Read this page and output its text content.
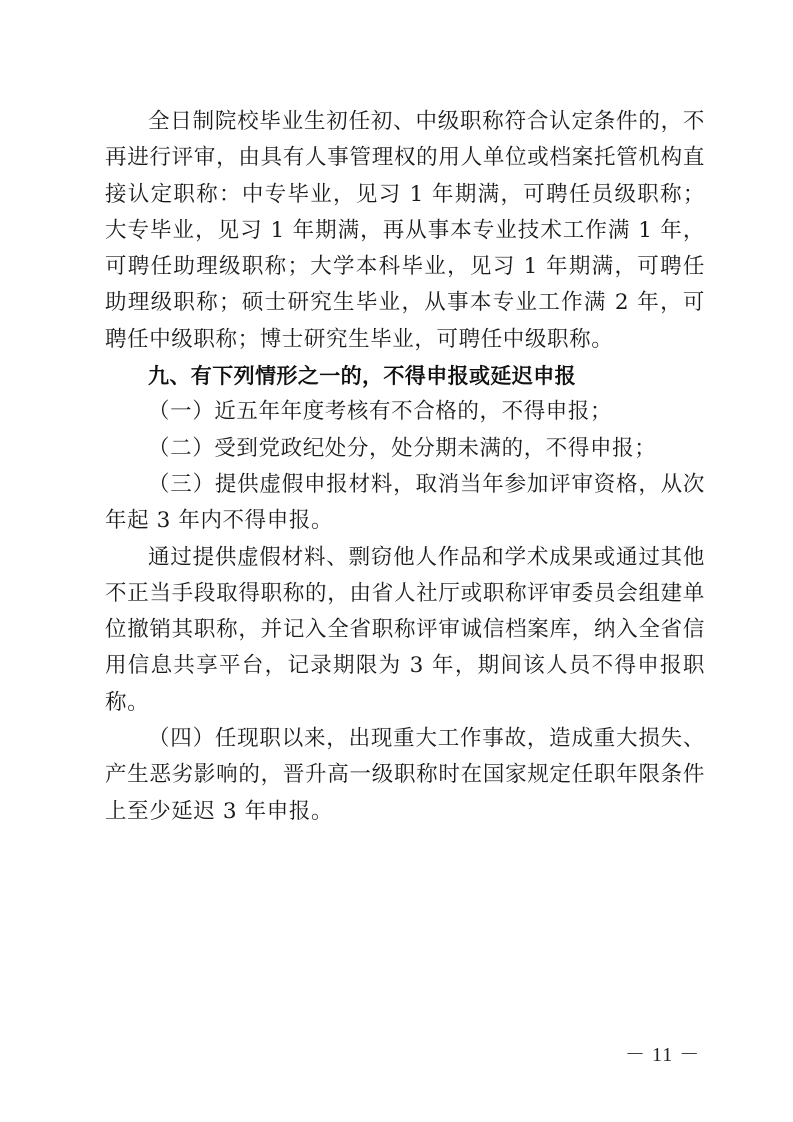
全日制院校毕业生初任初、中级职称符合认定条件的，不再进行评审，由具有人事管理权的用人单位或档案托管机构直接认定职称：中专毕业，见习 1 年期满，可聘任员级职称；大专毕业，见习 1 年期满，再从事本专业技术工作满 1 年，可聘任助理级职称；大学本科毕业，见习 1 年期满，可聘任助理级职称；硕士研究生毕业，从事本专业工作满 2 年，可聘任中级职称；博士研究生毕业，可聘任中级职称。

九、有下列情形之一的，不得申报或延迟申报

（一）近五年年度考核有不合格的，不得申报；

（二）受到党政纪处分，处分期未满的，不得申报；

（三）提供虚假申报材料，取消当年参加评审资格，从次年起 3 年内不得申报。

通过提供虚假材料、剽窃他人作品和学术成果或通过其他不正当手段取得职称的，由省人社厅或职称评审委员会组建单位撤销其职称，并记入全省职称评审诚信档案库，纳入全省信用信息共享平台，记录期限为 3 年，期间该人员不得申报职称。

（四）任现职以来，出现重大工作事故，造成重大损失、产生恶劣影响的，晋升高一级职称时在国家规定任职年限条件上至少延迟 3 年申报。

－ 11 －
